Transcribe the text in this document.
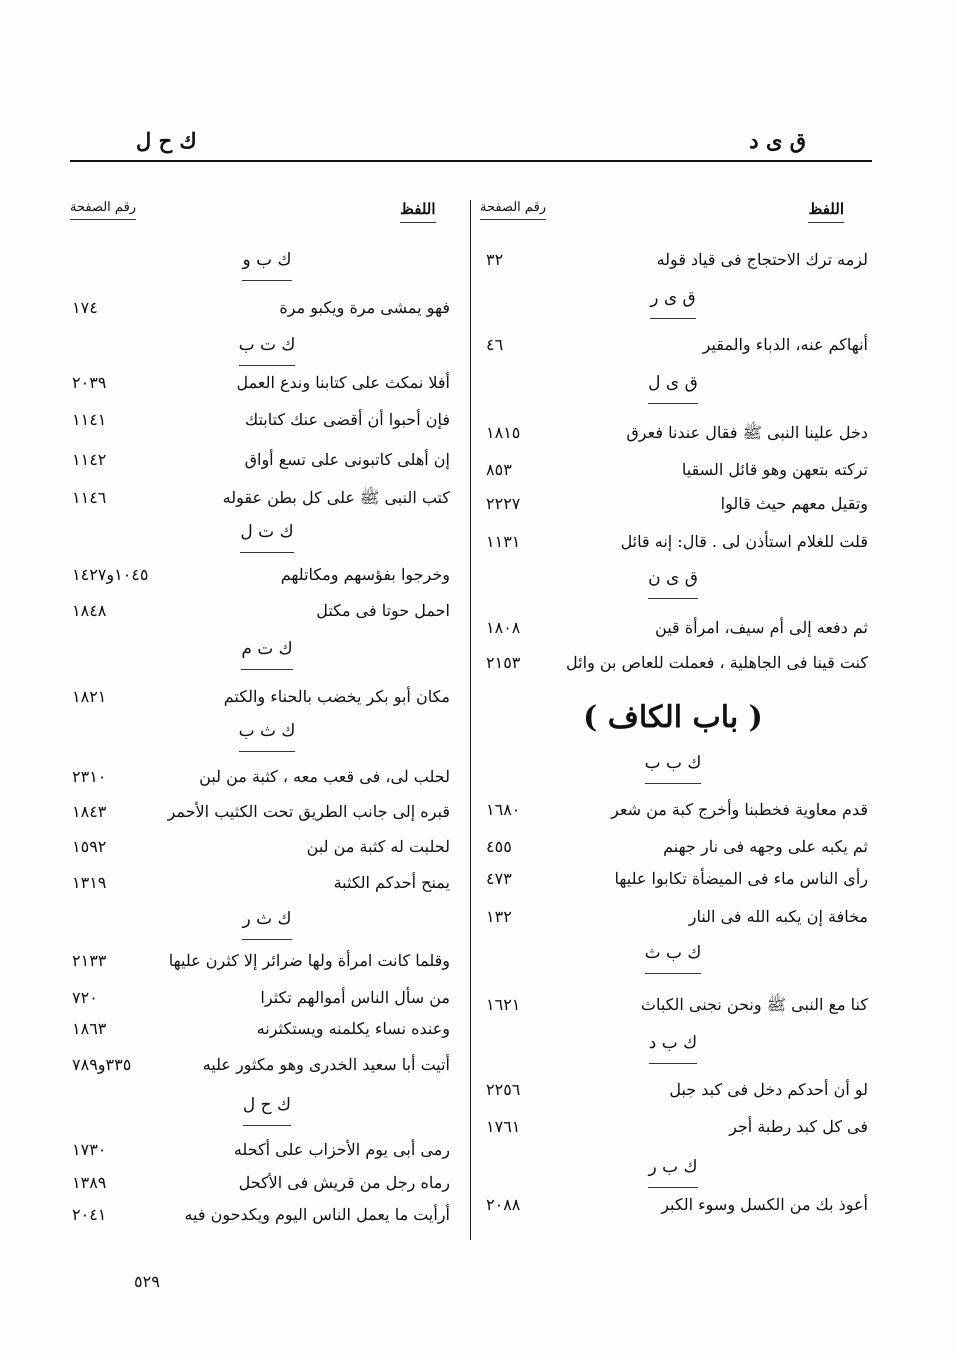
ق ى د
ك ح ل
اللفظ
رقم الصفحة
اللفظ
رقم الصفحة
لزمه ترك الاحتجاج فى قياد قوله
٣٢
ق ى ر
أنهاكم عنه، الدباء والمقير
٤٦
ق ى ل
دخل علينا النبى ﷺ فقال عندنا فعرق
١٨١٥
تركته بتعهن وهو قائل السقيا
٨٥٣
وتقيل معهم حيث قالوا
٢٢٢٧
قلت للغلام استأذن لى . قال: إنه قائل
١١٣١
ق ى ن
ثم دفعه إلى أم سيف، امرأة قين
١٨٠٨
كنت قينا فى الجاهلية ، فعملت للعاص بن وائل
٢١٥٣
ك ب ب
قدم معاوية فخطبنا وأخرج كبة من شعر
١٦٨٠
ثم يكبه على وجهه فى نار جهنم
٤٥٥
رأى الناس ماء فى الميضأة تكابوا عليها
٤٧٣
مخافة إن يكبه الله فى النار
١٣٢
ك ب ث
كنا مع النبى ﷺ ونحن نجنى الكباث
١٦٢١
ك ب د
لو أن أحدكم دخل فى كبد جبل
٢٢٥٦
فى كل كبد رطبة أجر
١٧٦١
ك ب ر
أعوذ بك من الكسل وسوء الكبر
٢٠٨٨
ك ب و
فهو يمشى مرة ويكبو مرة
١٧٤
ك ت ب
أفلا نمكث على كتابنا وندع العمل
٢٠٣٩
فإن أحبوا أن أقضى عنك كتابتك
١١٤١
إن أهلى كاتبونى على تسع أواق
١١٤٢
كتب النبى ﷺ على كل بطن عقوله
١١٤٦
ك ت ل
وخرجوا بفؤسهم ومكاتلهم
١٠٤٥و١٤٢٧
احمل حوتا فى مكتل
١٨٤٨
ك ت م
مكان أبو بكر يخضب بالحناء والكتم
١٨٢١
ك ث ب
لحلب لى، فى قعب معه ، كثبة من لبن
٢٣١٠
قبره إلى جانب الطريق تحت الكثيب الأحمر
١٨٤٣
لحلبت له كثبة من لبن
١٥٩٢
يمنح أحدكم الكثبة
١٣١٩
ك ث ر
وقلما كانت امرأة ولها ضرائر إلا كثرن عليها
٢١٣٣
من سأل الناس أموالهم تكثرا
٧٢٠
وعنده نساء يكلمنه ويستكثرنه
١٨٦٣
أتيت أبا سعيد الخدرى وهو مكثور عليه
٣٣٥و٧٨٩
ك ح ل
رمى أبى يوم الأحزاب على أكحله
١٧٣٠
رماه رجل من قريش فى الأكحل
١٣٨٩
أرأيت ما يعمل الناس اليوم ويكدحون فيه
٢٠٤١
( باب الكاف )
٥٢٩
